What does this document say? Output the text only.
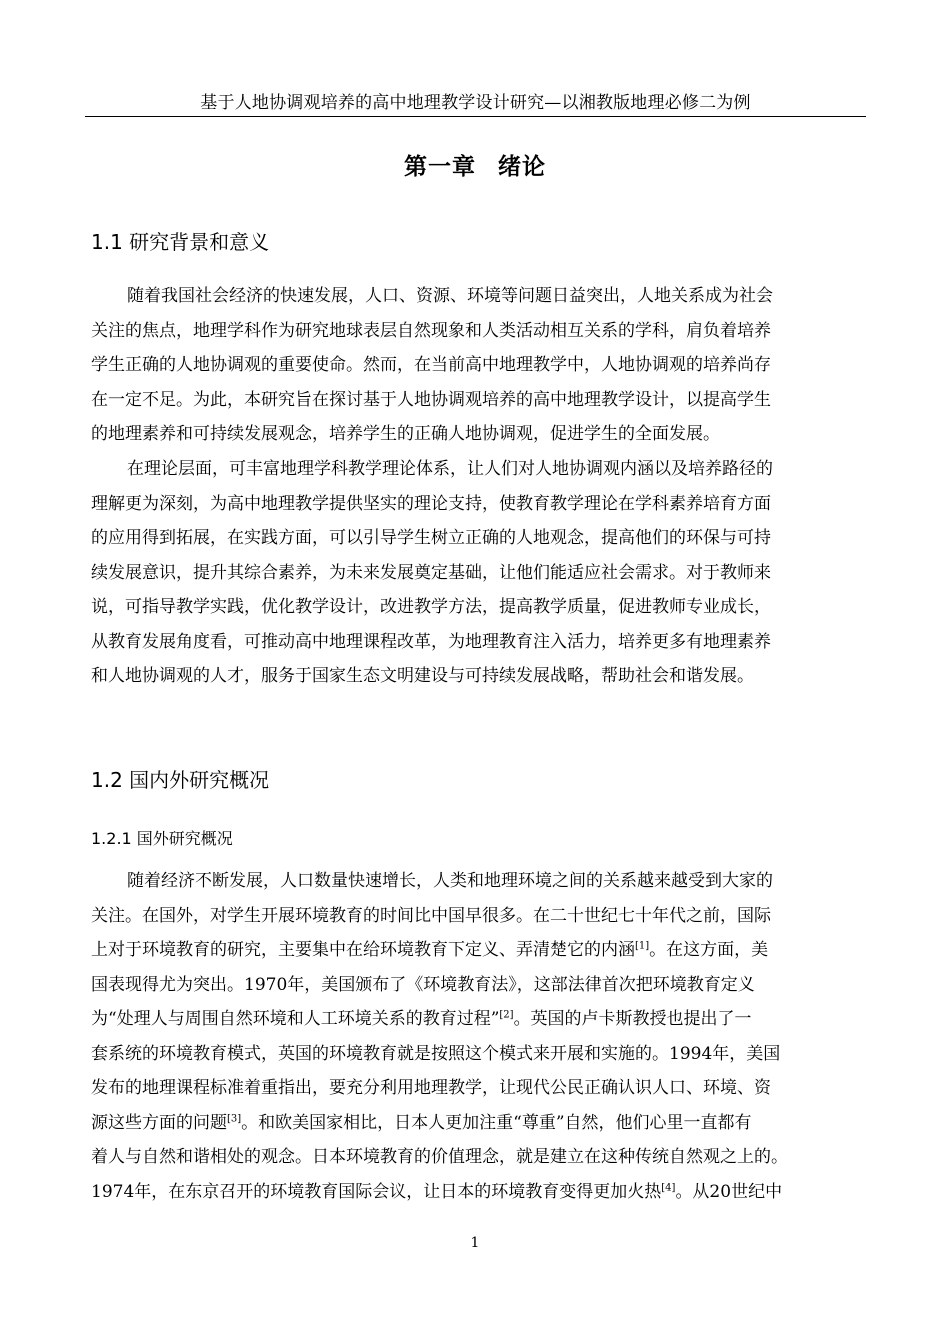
基于人地协调观培养的高中地理教学设计研究—以湘教版地理必修二为例
第一章 绪论
1.1 研究背景和意义

随着我国社会经济的快速发展，人口、资源、环境等问题日益突出，人地关系成为社会
关注的焦点，地理学科作为研究地球表层自然现象和人类活动相互关系的学科，肩负着培养
学生正确的人地协调观的重要使命。然而，在当前高中地理教学中，人地协调观的培养尚存
在一定不足。为此，本研究旨在探讨基于人地协调观培养的高中地理教学设计，以提高学生
的地理素养和可持续发展观念，培养学生的正确人地协调观，促进学生的全面发展。

在理论层面，可丰富地理学科教学理论体系，让人们对人地协调观内涵以及培养路径的
理解更为深刻，为高中地理教学提供坚实的理论支持，使教育教学理论在学科素养培育方面
的应用得到拓展，在实践方面，可以引导学生树立正确的人地观念，提高他们的环保与可持
续发展意识，提升其综合素养，为未来发展奠定基础，让他们能适应社会需求。对于教师来
说，可指导教学实践，优化教学设计，改进教学方法，提高教学质量，促进教师专业成长，
从教育发展角度看，可推动高中地理课程改革，为地理教育注入活力，培养更多有地理素养
和人地协调观的人才，服务于国家生态文明建设与可持续发展战略，帮助社会和谐发展。

1.2 国内外研究概况
1.2.1 国外研究概况

随着经济不断发展，人口数量快速增长，人类和地理环境之间的关系越来越受到大家的
关注。在国外，对学生开展环境教育的时间比中国早很多。在二十世纪七十年代之前，国际
上对于环境教育的研究，主要集中在给环境教育下定义、弄清楚它的内涵[1]。在这方面，美
国表现得尤为突出。1970年，美国颁布了《环境教育法》，这部法律首次把环境教育定义
为“处理人与周围自然环境和人工环境关系的教育过程”[2]。英国的卢卡斯教授也提出了一
套系统的环境教育模式，英国的环境教育就是按照这个模式来开展和实施的。1994年，美国
发布的地理课程标准着重指出，要充分利用地理教学，让现代公民正确认识人口、环境、资
源这些方面的问题[3]。和欧美国家相比，日本人更加注重“尊重”自然，他们心里一直都有
着人与自然和谐相处的观念。日本环境教育的价值理念，就是建立在这种传统自然观之上的。
1974年，在东京召开的环境教育国际会议，让日本的环境教育变得更加火热[4]。从20世纪中

1
